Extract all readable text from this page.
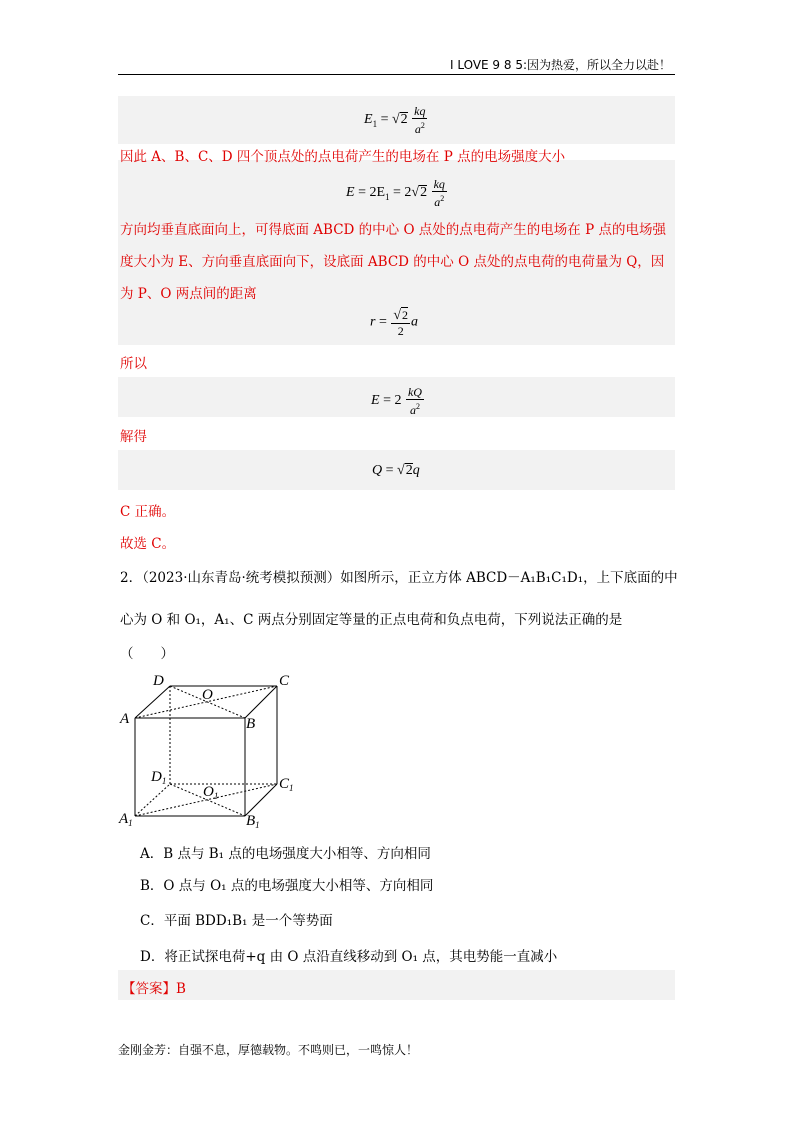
I LOVE 9 8 5:因为热爱，所以全力以赴！
$E_1 = √2 \frac{kq}{a^2}$
因此 A、B、C、D 四个顶点处的点电荷产生的电场在 P 点的电场强度大小
$E = 2E_1 = 2√2 \frac{kq}{a^2}$
方向均垂直底面向上，可得底面 ABCD 的中心 O 点处的点电荷产生的电场在 P 点的电场强
度大小为 E、方向垂直底面向下，设底面 ABCD 的中心 O 点处的点电荷的电荷量为 Q，因
为 P、O 两点间的距离
$r = \frac{√2}{2}$ a
所以
$E = 2 \frac{kQ}{a^2}$
解得
Q = √2q
C 正确。
故选 C。
2．（2023·山东青岛·统考模拟预测）如图所示，正立方体 ABCD－A₁B₁C₁D₁，上下底面的中
心为 O 和 O₁，A₁、C 两点分别固定等量的正点电荷和负点电荷，下列说法正确的是
（　　）
D	C
O
A	B
$D_1$	$C_1$
$O_1$
$A_1$	$B_1$
A．B 点与 B₁ 点的电场强度大小相等、方向相同
B．O 点与 O₁ 点的电场强度大小相等、方向相同
C．平面 BDD₁B₁ 是一个等势面
D．将正试探电荷+q 由 O 点沿直线移动到 O₁ 点，其电势能一直减小
【答案】B
金刚金芳：自强不息，厚德载物。不鸣则已，一鸣惊人！
